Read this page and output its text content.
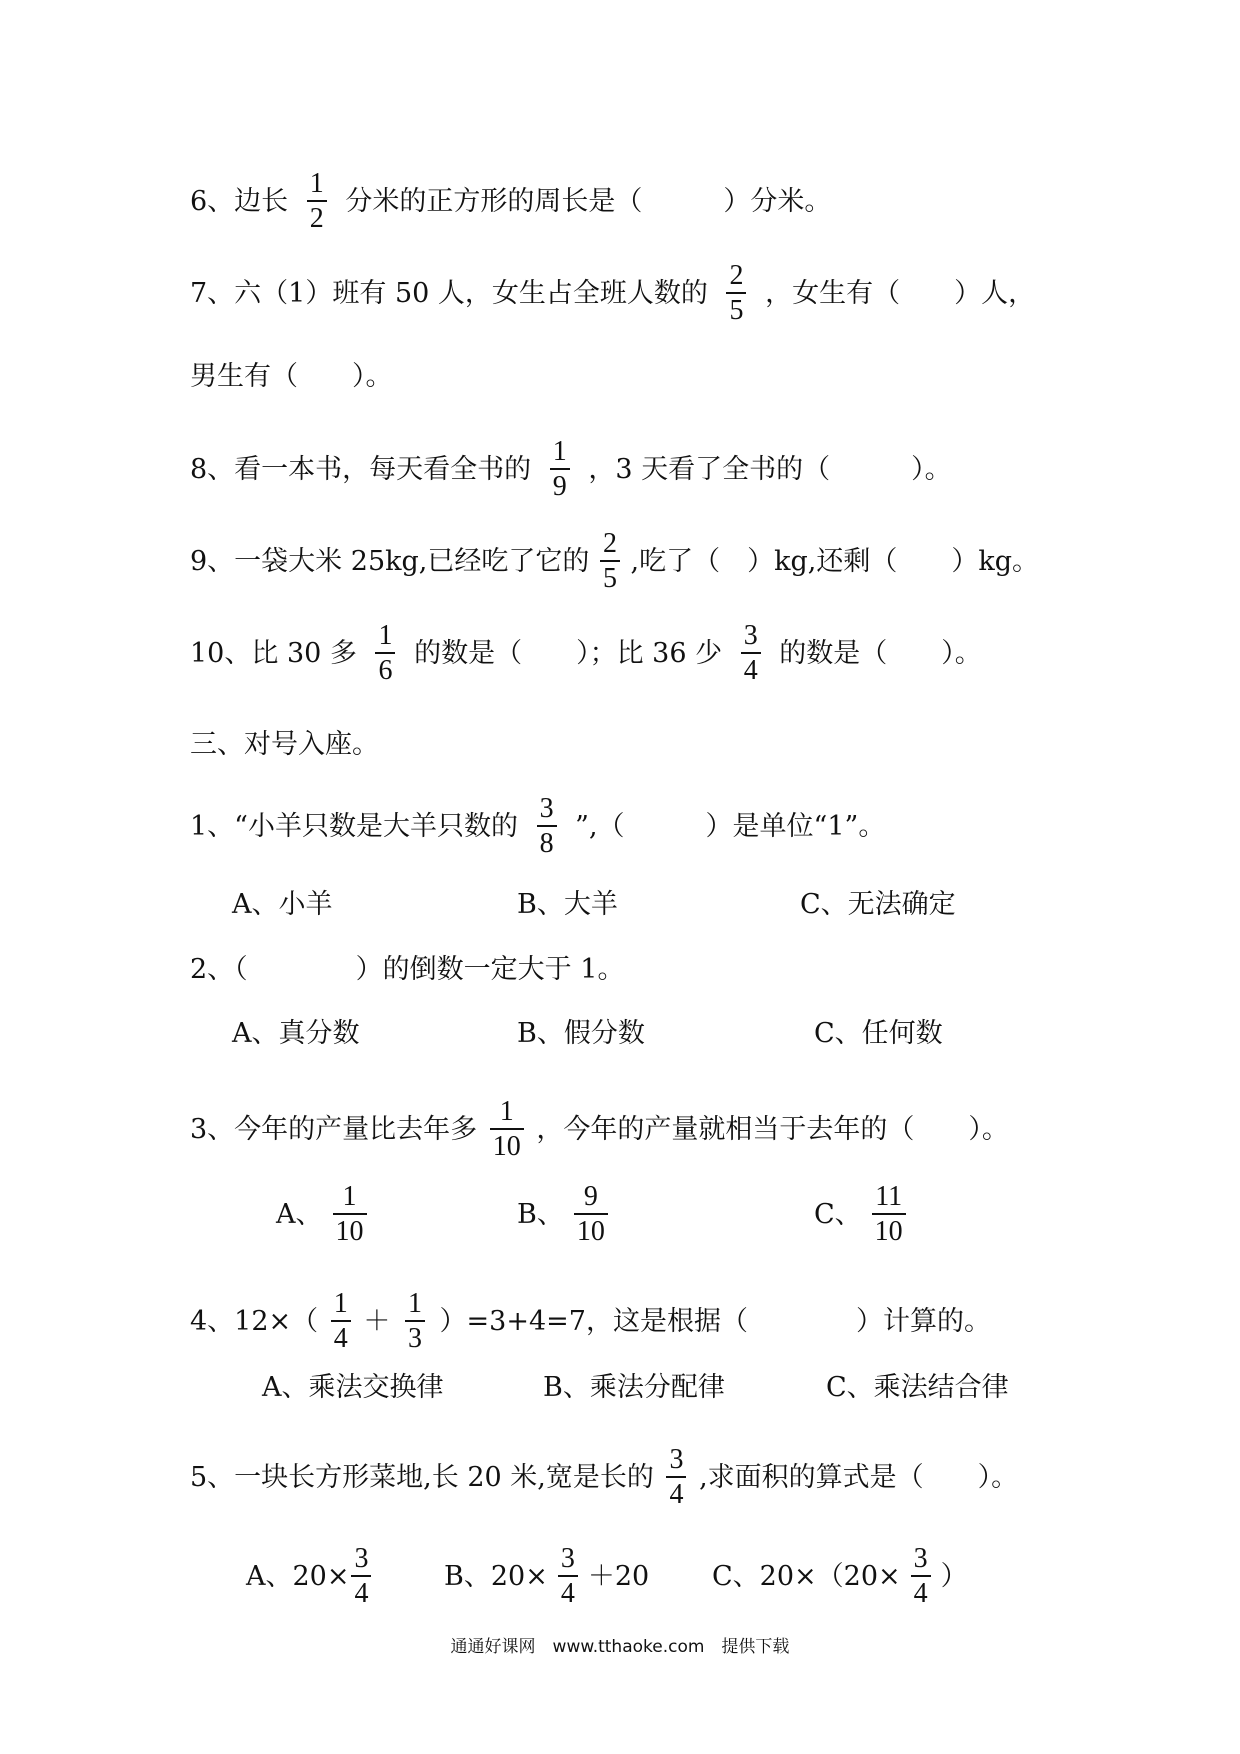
6、边长 $\frac{1}{2}$ 分米的正方形的周长是（　　　）分米。
7、六（1）班有 50 人，女生占全班人数的 $\frac{2}{5}$ ，女生有（　　）人，
男生有（　　）。
8、看一本书，每天看全书的 $\frac{1}{9}$ ，3 天看了全书的（　　　）。
9、一袋大米 25kg,已经吃了它的 $\frac{2}{5}$ ,吃了（　）kg,还剩（　　）kg。
10、比 30 多 $\frac{1}{6}$ 的数是（　　）；比 36 少 $\frac{3}{4}$ 的数是（　　）。
三、对号入座。
1、“小羊只数是大羊只数的 $\frac{3}{8}$ ”,（　　　）是单位“1”。
A、小羊	B、大羊	C、无法确定
2、（　　　　）的倒数一定大于 1。
A、真分数	B、假分数	C、任何数
3、今年的产量比去年多 $\frac{1}{10}$ ，今年的产量就相当于去年的（　　）。
A、 $\frac{1}{10}$	B、 $\frac{9}{10}$	C、 $\frac{11}{10}$
4、$12\times( \frac{1}{4} + \frac{1}{3} )=3+4=7$，这是根据（　　　　）计算的。
A、乘法交换律	B、乘法分配律	C、乘法结合律
5、一块长方形菜地,长 20 米,宽是长的 $\frac{3}{4}$ ,求面积的算式是（　　）。
A、$20\times \frac{3}{4}$	B、$20\times \frac{3}{4} +20$ C、$20\times(20\times \frac{3}{4}$ ）
通通好课网　www.tthaoke.com　提供下载
